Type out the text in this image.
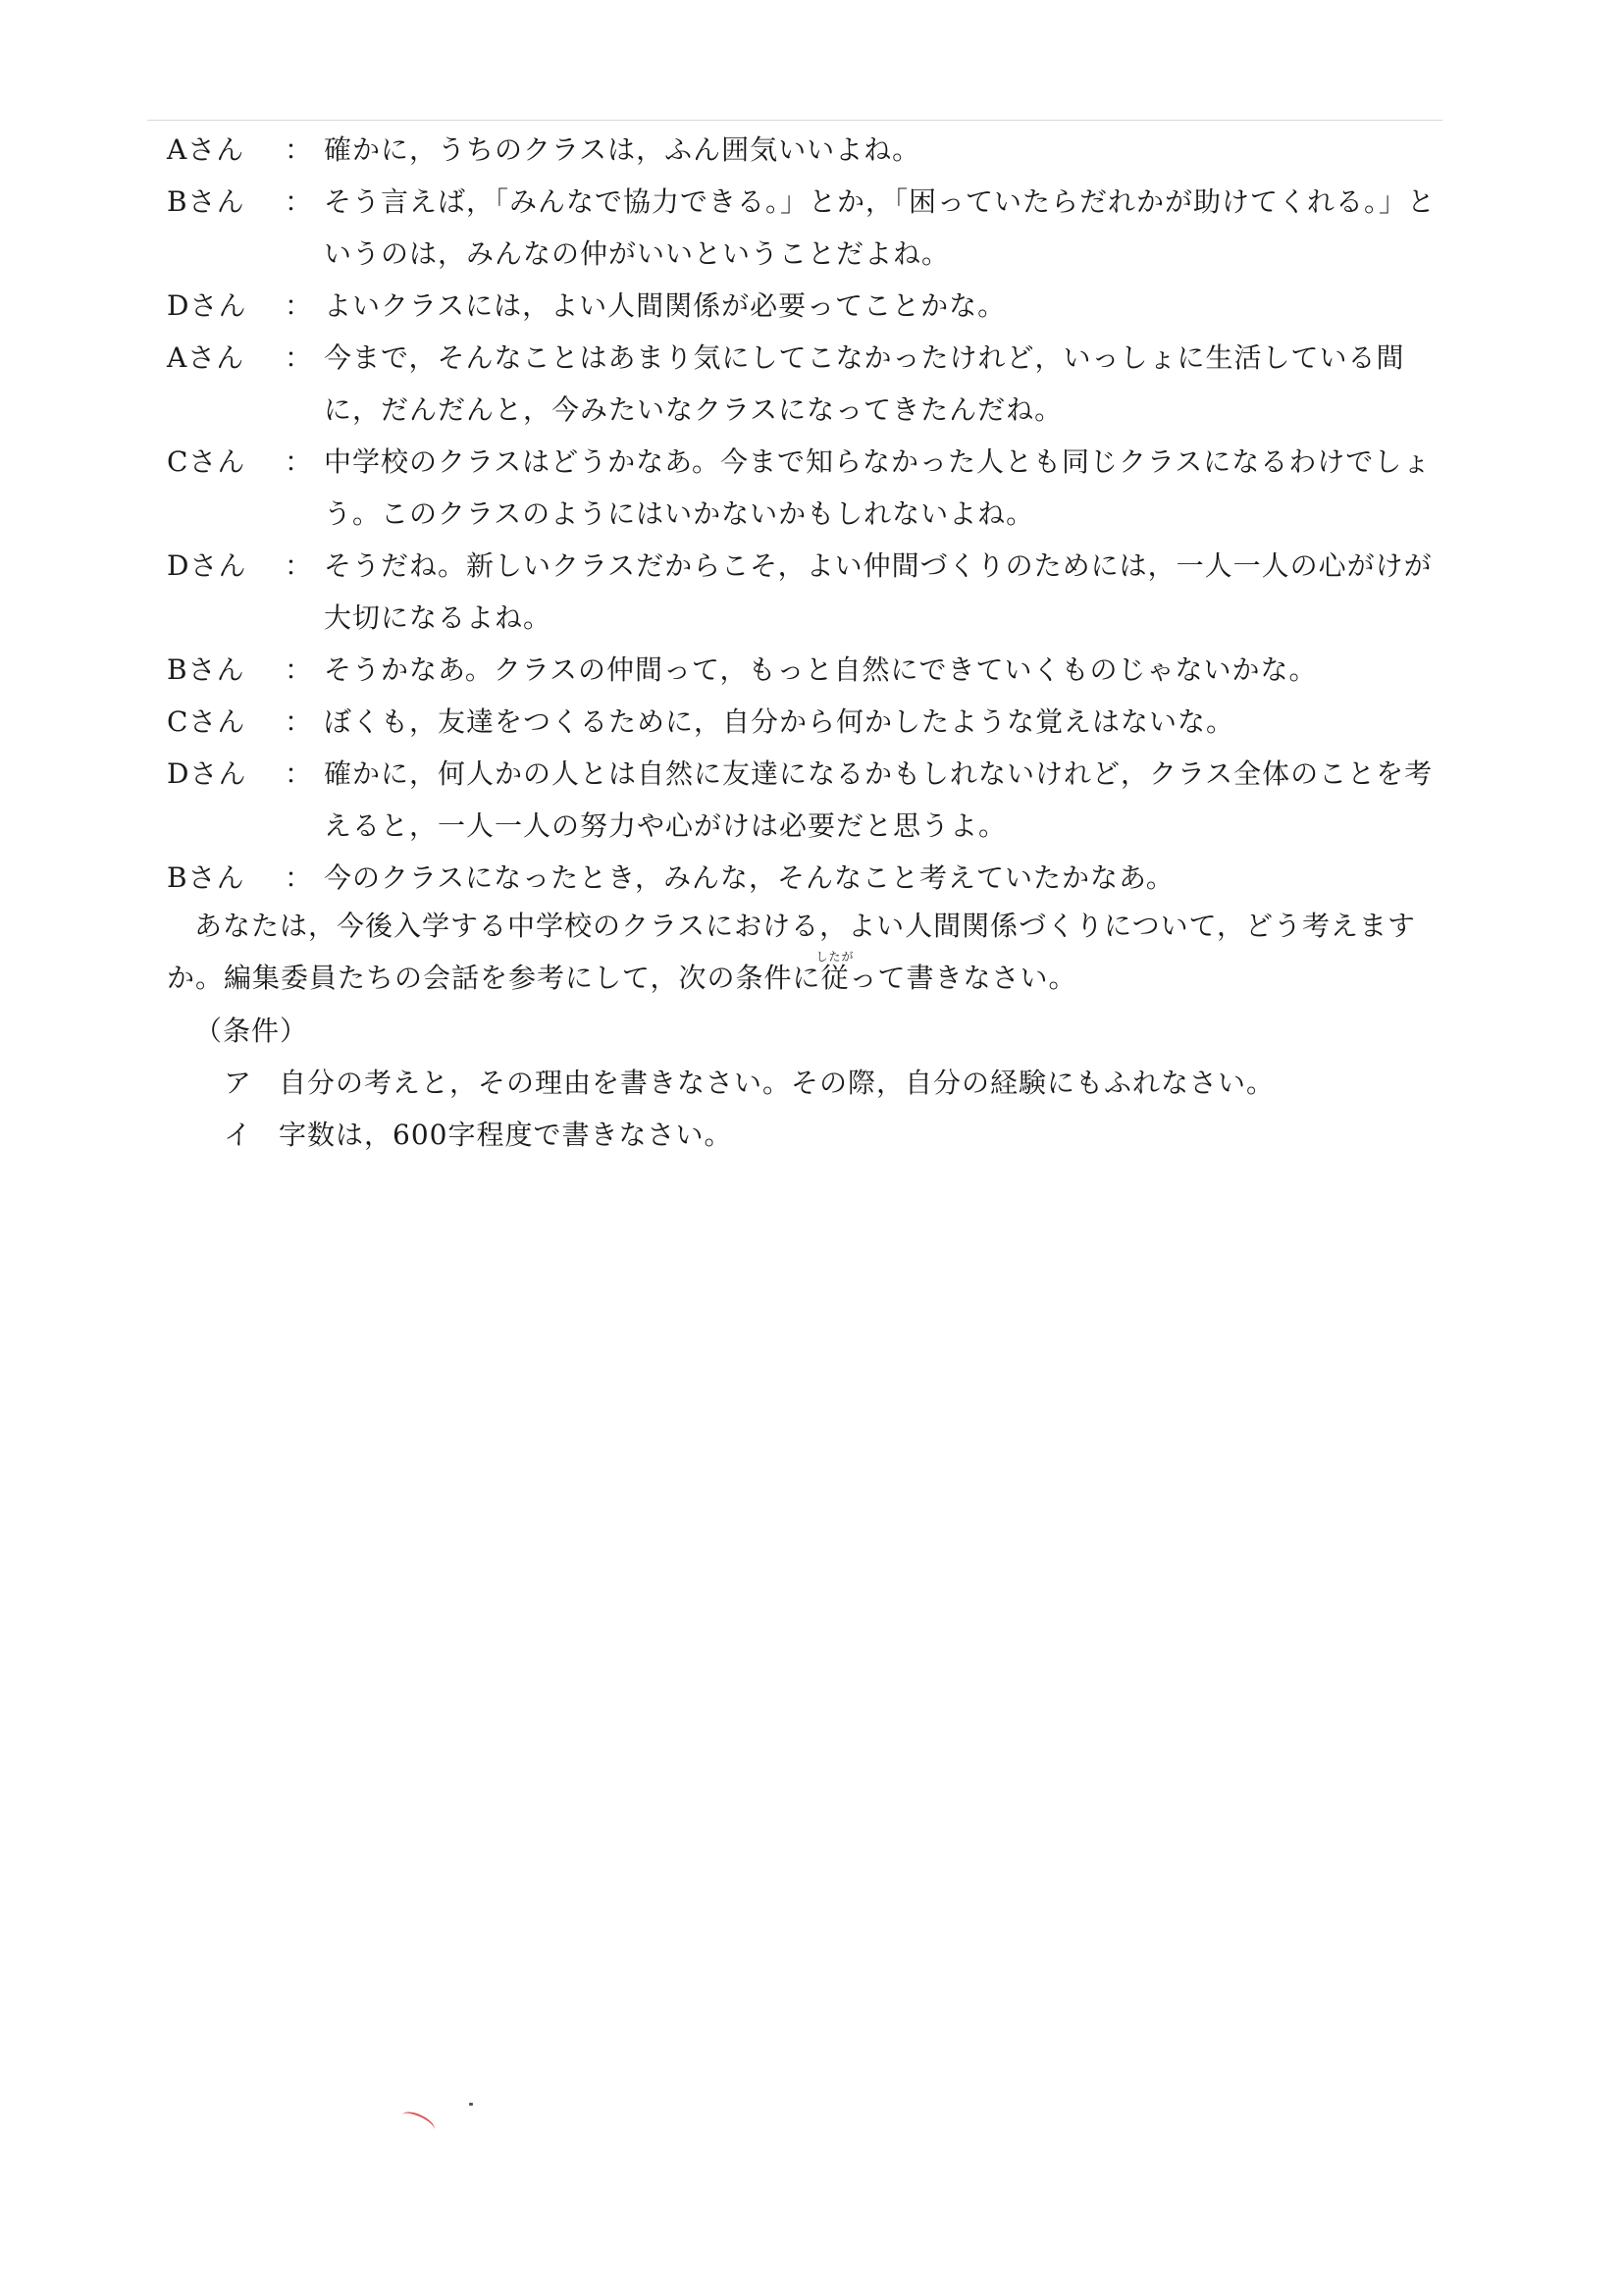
Aさん	： 確かに，うちのクラスは，ふん囲気いいよね。
Bさん	： そう言えば，「みんなで協力できる。」とか，「困っていたらだれかが助けてくれる。」というのは，みんなの仲がいいということだよね。
Dさん	： よいクラスには，よい人間関係が必要ってことかな。
Aさん	： 今まで，そんなことはあまり気にしてこなかったけれど，いっしょに生活している間に，だんだんと，今みたいなクラスになってきたんだね。
Cさん	： 中学校のクラスはどうかなあ。今まで知らなかった人とも同じクラスになるわけでしょう。このクラスのようにはいかないかもしれないよね。
Dさん	： そうだね。新しいクラスだからこそ，よい仲間づくりのためには，一人一人の心がけが大切になるよね。
Bさん	： そうかなあ。クラスの仲間って，もっと自然にできていくものじゃないかな。
Cさん	： ぼくも，友達をつくるために，自分から何かしたような覚えはないな。
Dさん	： 確かに，何人かの人とは自然に友達になるかもしれないけれど，クラス全体のことを考えると，一人一人の努力や心がけは必要だと思うよ。
Bさん	： 今のクラスになったとき，みんな，そんなこと考えていたかなあ。

あなたは，今後入学する中学校のクラスにおける，よい人間関係づくりについて，どう考えますか。編集委員たちの会話を参考にして，次の条件に従したがって書きなさい。

（条件）
ア 自分の考えと，その理由を書きなさい。その際，自分の経験にもふれなさい。
イ 字数は，600字程度で書きなさい。
